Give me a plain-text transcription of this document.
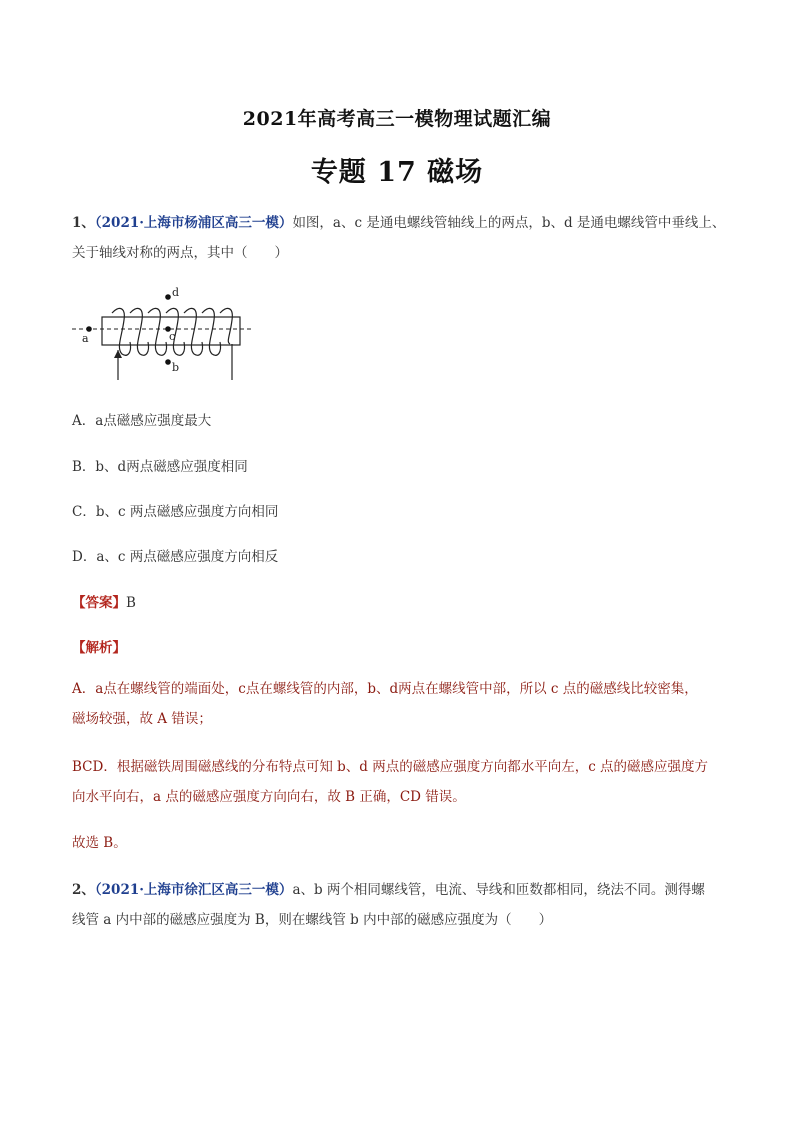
2021年高考高三一模物理试题汇编
专题 17 磁场
1、（2021·上海市杨浦区高三一模）如图，a、c 是通电螺线管轴线上的两点，b、d 是通电螺线管中垂线上、
关于轴线对称的两点，其中（　　）
a	c
d
b
A．a点磁感应强度最大
B．b、d两点磁感应强度相同
C．b、c 两点磁感应强度方向相同
D．a、c 两点磁感应强度方向相反
【答案】B
【解析】
A．a点在螺线管的端面处，c点在螺线管的内部，b、d两点在螺线管中部，所以 c 点的磁感线比较密集，
磁场较强，故 A 错误；
BCD．根据磁铁周围磁感线的分布特点可知 b、d 两点的磁感应强度方向都水平向左，c 点的磁感应强度方
向水平向右，a 点的磁感应强度方向向右，故 B 正确，CD 错误。
故选 B。
2、（2021·上海市徐汇区高三一模）a、b 两个相同螺线管，电流、导线和匝数都相同，绕法不同。测得螺
线管 a 内中部的磁感应强度为 B，则在螺线管 b 内中部的磁感应强度为（　　）
